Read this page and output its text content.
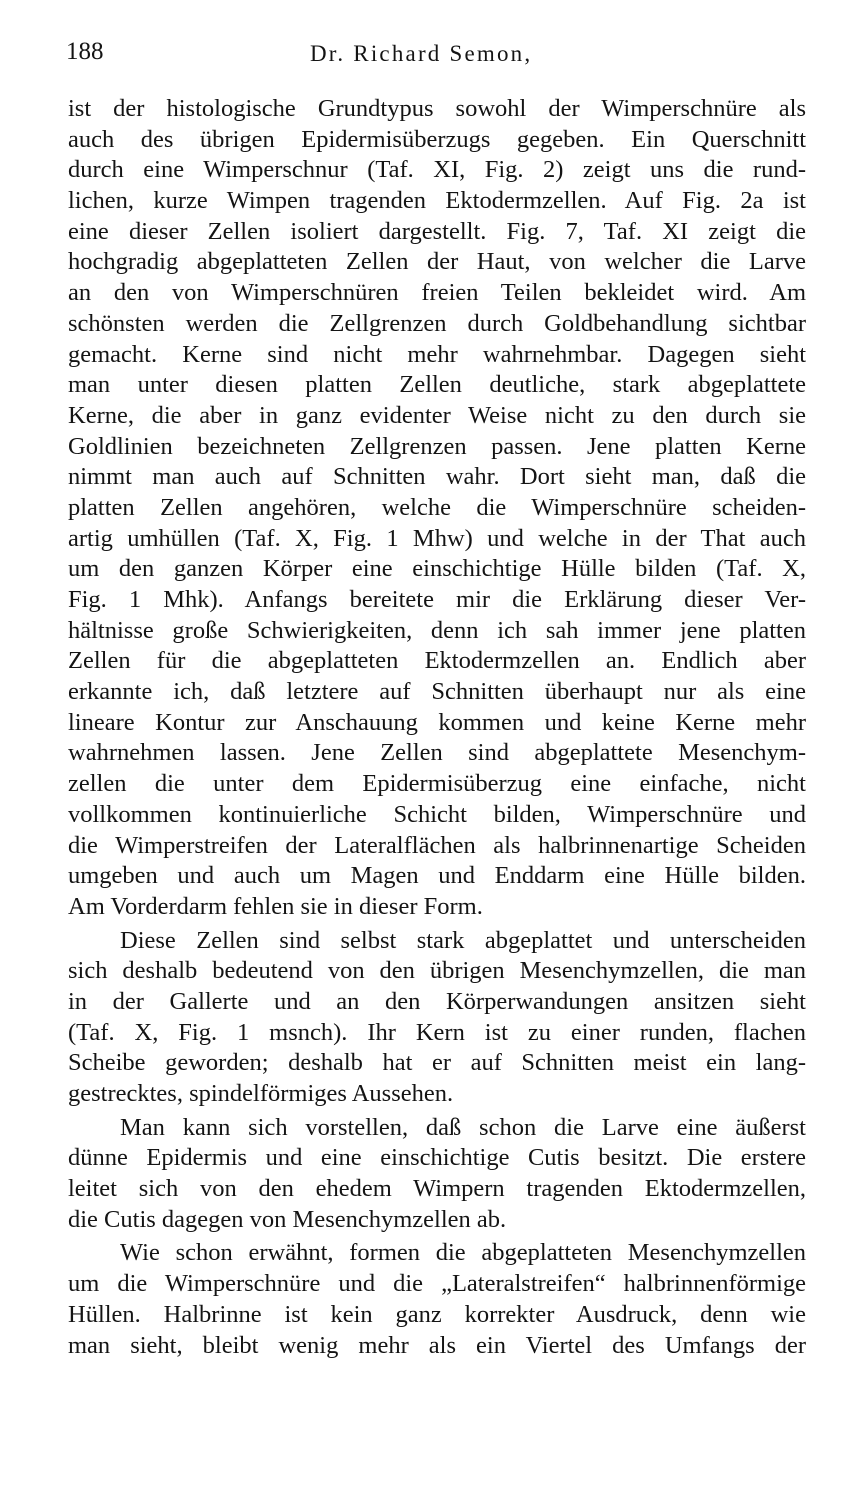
188	Dr. Richard Semon,
ist der histologische Grundtypus sowohl der Wimperschnüre als
auch des übrigen Epidermisüberzugs gegeben. Ein Querschnitt
durch eine Wimperschnur (Taf. XI, Fig. 2) zeigt uns die rund-
lichen, kurze Wimpen tragenden Ektodermzellen. Auf Fig. 2a ist
eine dieser Zellen isoliert dargestellt. Fig. 7, Taf. XI zeigt die
hochgradig abgeplatteten Zellen der Haut, von welcher die Larve
an den von Wimperschnüren freien Teilen bekleidet wird. Am
schönsten werden die Zellgrenzen durch Goldbehandlung sichtbar
gemacht. Kerne sind nicht mehr wahrnehmbar. Dagegen sieht
man unter diesen platten Zellen deutliche, stark abgeplattete
Kerne, die aber in ganz evidenter Weise nicht zu den durch sie
Goldlinien bezeichneten Zellgrenzen passen. Jene platten Kerne
nimmt man auch auf Schnitten wahr. Dort sieht man, daß die
platten Zellen angehören, welche die Wimperschnüre scheiden-
artig umhüllen (Taf. X, Fig. 1 Mhw) und welche in der That auch
um den ganzen Körper eine einschichtige Hülle bilden (Taf. X,
Fig. 1 Mhk). Anfangs bereitete mir die Erklärung dieser Ver-
hältnisse große Schwierigkeiten, denn ich sah immer jene platten
Zellen für die abgeplatteten Ektodermzellen an. Endlich aber
erkannte ich, daß letztere auf Schnitten überhaupt nur als eine
lineare Kontur zur Anschauung kommen und keine Kerne mehr
wahrnehmen lassen. Jene Zellen sind abgeplattete Mesenchym-
zellen die unter dem Epidermisüberzug eine einfache, nicht
vollkommen kontinuierliche Schicht bilden, Wimperschnüre und
die Wimperstreifen der Lateralflächen als halbrinnenartige Scheiden
umgeben und auch um Magen und Enddarm eine Hülle bilden.
Am Vorderdarm fehlen sie in dieser Form.
Diese Zellen sind selbst stark abgeplattet und unterscheiden
sich deshalb bedeutend von den übrigen Mesenchymzellen, die man
in der Gallerte und an den Körperwandungen ansitzen sieht
(Taf. X, Fig. 1 msnch). Ihr Kern ist zu einer runden, flachen
Scheibe geworden; deshalb hat er auf Schnitten meist ein lang-
gestrecktes, spindelförmiges Aussehen.
Man kann sich vorstellen, daß schon die Larve eine äußerst
dünne Epidermis und eine einschichtige Cutis besitzt. Die erstere
leitet sich von den ehedem Wimpern tragenden Ektodermzellen,
die Cutis dagegen von Mesenchymzellen ab.
Wie schon erwähnt, formen die abgeplatteten Mesenchymzellen
um die Wimperschnüre und die „Lateralstreifen“ halbrinnenförmige
Hüllen. Halbrinne ist kein ganz korrekter Ausdruck, denn wie
man sieht, bleibt wenig mehr als ein Viertel des Umfangs der
